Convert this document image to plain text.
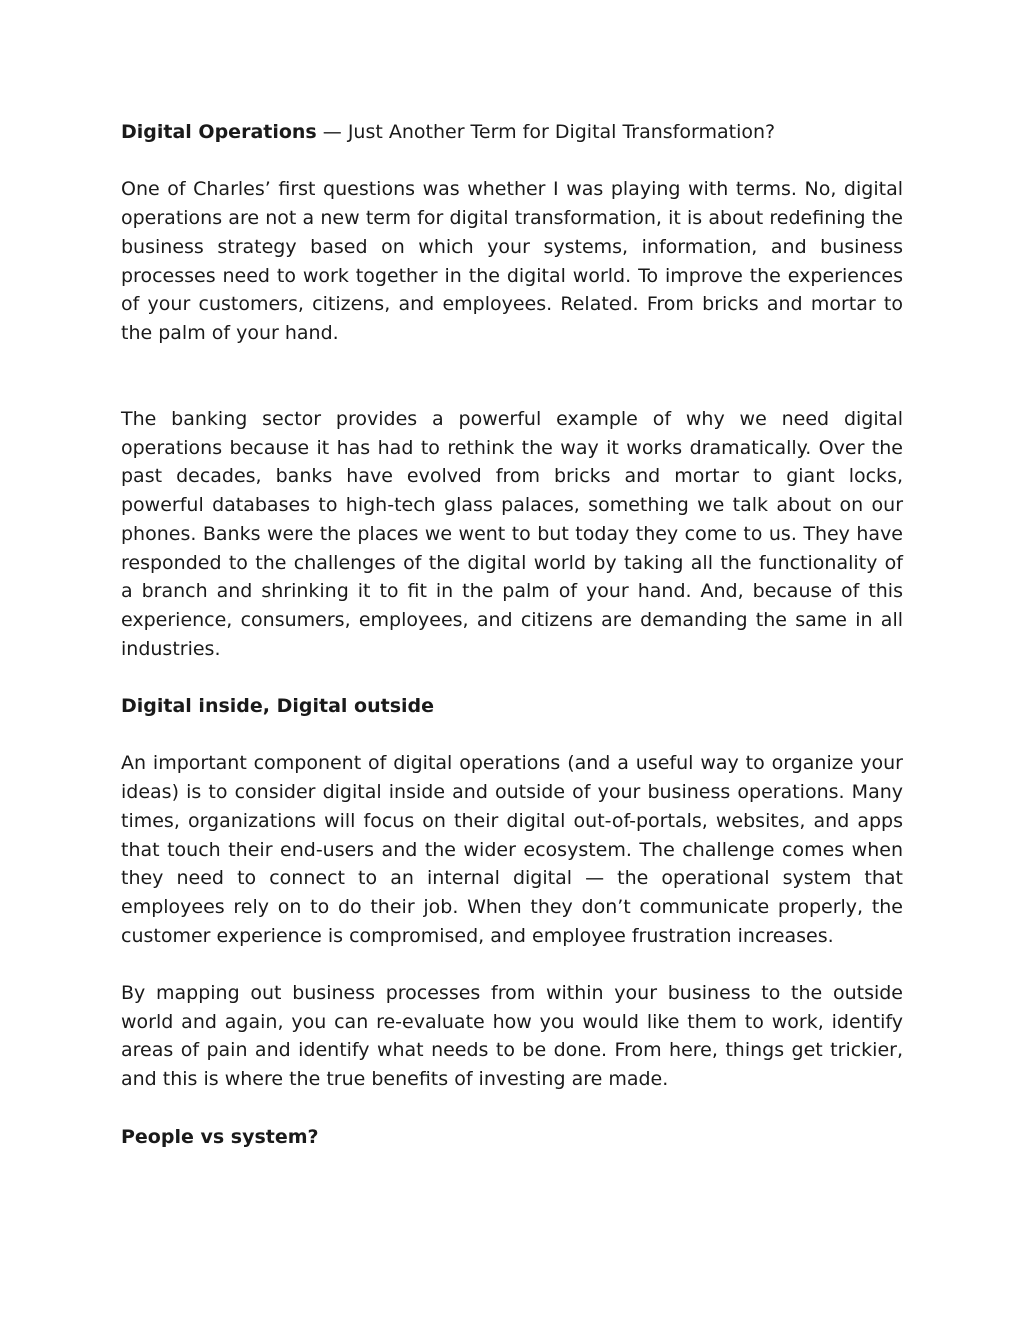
Digital Operations — Just Another Term for Digital Transformation?

One of Charles’ first questions was whether I was playing with terms. No, digital operations are not a new term for digital transformation, it is about redefining the business strategy based on which your systems, information, and business processes need to work together in the digital world. To improve the experiences of your customers, citizens, and employees. Related. From bricks and mortar to the palm of your hand.

The banking sector provides a powerful example of why we need digital operations because it has had to rethink the way it works dramatically. Over the past decades, banks have evolved from bricks and mortar to giant locks, powerful databases to high-tech glass palaces, something we talk about on our phones. Banks were the places we went to but today they come to us. They have responded to the challenges of the digital world by taking all the functionality of a branch and shrinking it to fit in the palm of your hand. And, because of this experience, consumers, employees, and citizens are demanding the same in all industries.

Digital inside, Digital outside

An important component of digital operations (and a useful way to organize your ideas) is to consider digital inside and outside of your business operations. Many times, organizations will focus on their digital out-of-portals, websites, and apps that touch their end-users and the wider ecosystem. The challenge comes when they need to connect to an internal digital — the operational system that employees rely on to do their job. When they don’t communicate properly, the customer experience is compromised, and employee frustration increases.

By mapping out business processes from within your business to the outside world and again, you can re-evaluate how you would like them to work, identify areas of pain and identify what needs to be done. From here, things get trickier, and this is where the true benefits of investing are made.

People vs system?
